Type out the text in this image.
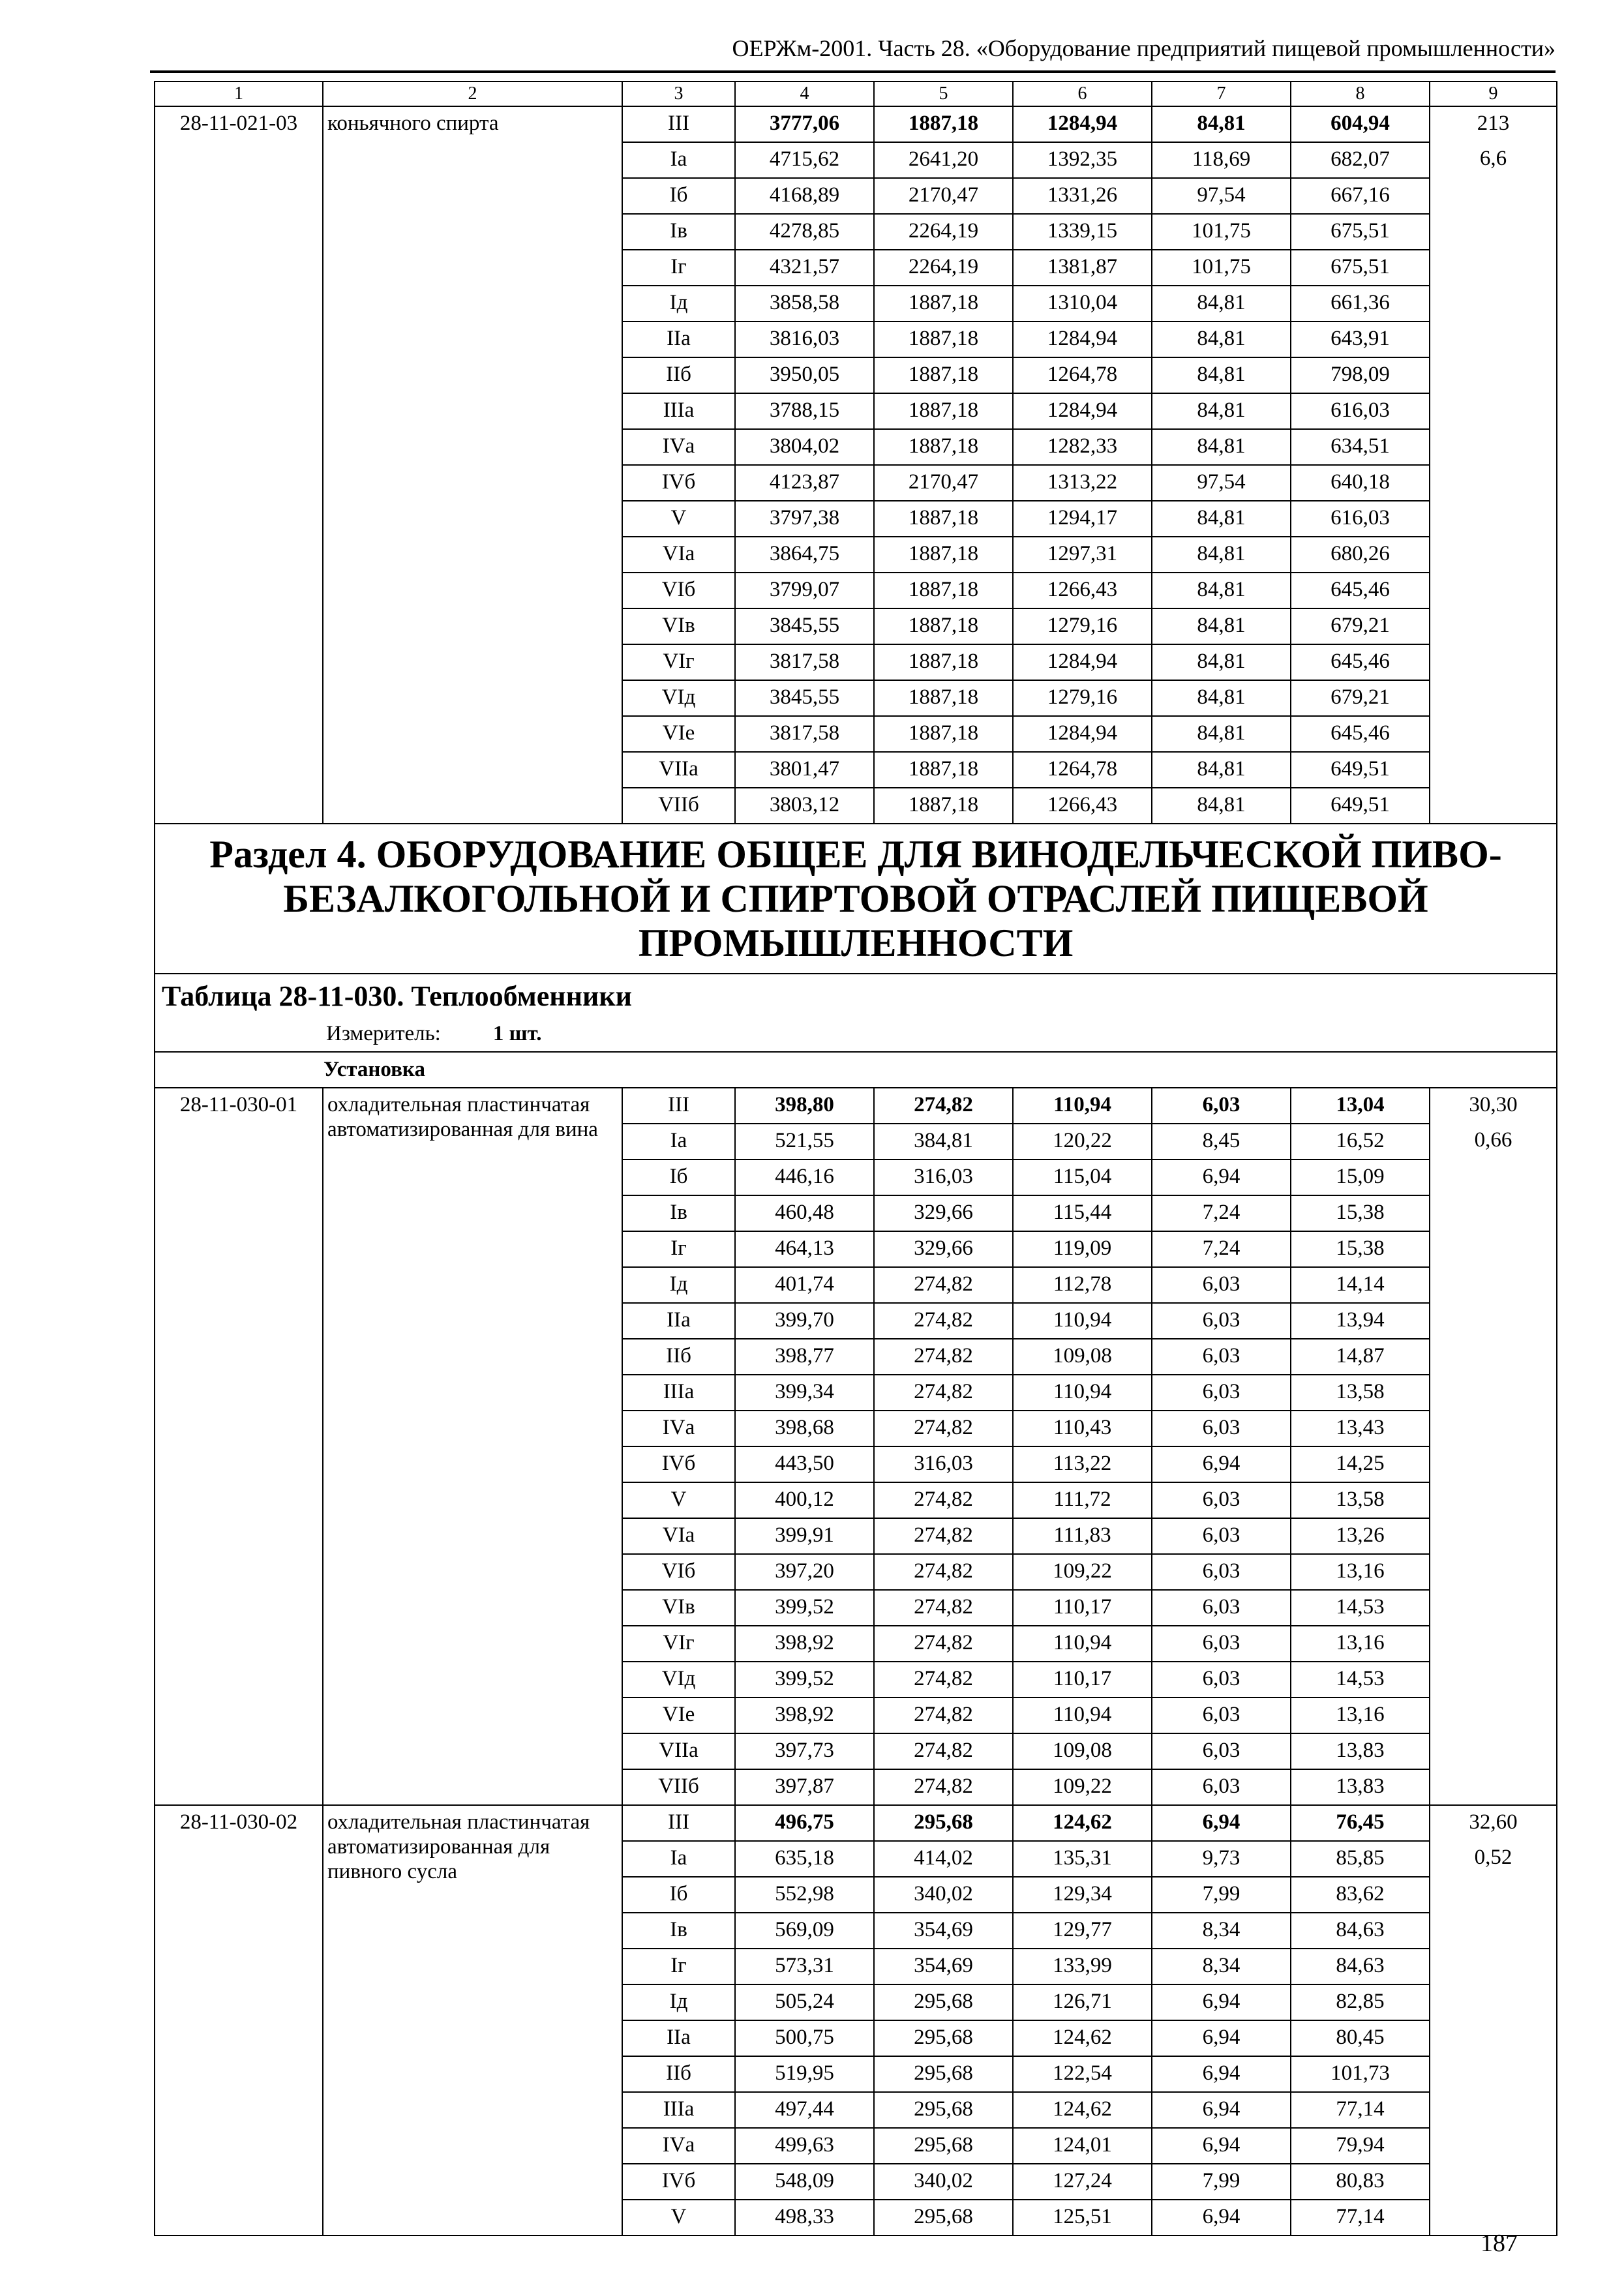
ОЕРЖм-2001. Часть 28. «Оборудование предприятий пищевой промышленности»
1	2	3	4	5	6	7	8	9
28-11-021-03	коньячного спирта	III	3777,06	1887,18	1284,94	84,81	604,94	213
		Iа	4715,62	2641,20	1392,35	118,69	682,07	6,6
		Iб	4168,89	2170,47	1331,26	97,54	667,16	
		Iв	4278,85	2264,19	1339,15	101,75	675,51	
		Iг	4321,57	2264,19	1381,87	101,75	675,51	
		Iд	3858,58	1887,18	1310,04	84,81	661,36	
		IIа	3816,03	1887,18	1284,94	84,81	643,91	
		IIб	3950,05	1887,18	1264,78	84,81	798,09	
		IIIа	3788,15	1887,18	1284,94	84,81	616,03	
		IVа	3804,02	1887,18	1282,33	84,81	634,51	
		IVб	4123,87	2170,47	1313,22	97,54	640,18	
		V	3797,38	1887,18	1294,17	84,81	616,03	
		VIа	3864,75	1887,18	1297,31	84,81	680,26	
		VIб	3799,07	1887,18	1266,43	84,81	645,46	
		VIв	3845,55	1887,18	1279,16	84,81	679,21	
		VIг	3817,58	1887,18	1284,94	84,81	645,46	
		VIд	3845,55	1887,18	1279,16	84,81	679,21	
		VIе	3817,58	1887,18	1284,94	84,81	645,46	
		VIIа	3801,47	1887,18	1264,78	84,81	649,51	
		VIIб	3803,12	1887,18	1266,43	84,81	649,51	
Раздел 4. ОБОРУДОВАНИЕ ОБЩЕЕ ДЛЯ ВИНОДЕЛЬЧЕСКОЙ ПИВО-БЕЗАЛКОГОЛЬНОЙ И СПИРТОВОЙ ОТРАСЛЕЙ ПИЩЕВОЙ ПРОМЫШЛЕННОСТИ								
Таблица 28-11-030. Теплообменники								
Измеритель: 1 шт.								
Установка								
28-11-030-01	охладительная пластинчатая автоматизированная для вина	III	398,80	274,82	110,94	6,03	13,04	30,30
		Iа	521,55	384,81	120,22	8,45	16,52	0,66
		Iб	446,16	316,03	115,04	6,94	15,09	
		Iв	460,48	329,66	115,44	7,24	15,38	
		Iг	464,13	329,66	119,09	7,24	15,38	
		Iд	401,74	274,82	112,78	6,03	14,14	
		IIа	399,70	274,82	110,94	6,03	13,94	
		IIб	398,77	274,82	109,08	6,03	14,87	
		IIIа	399,34	274,82	110,94	6,03	13,58	
		IVа	398,68	274,82	110,43	6,03	13,43	
		IVб	443,50	316,03	113,22	6,94	14,25	
		V	400,12	274,82	111,72	6,03	13,58	
		VIа	399,91	274,82	111,83	6,03	13,26	
		VIб	397,20	274,82	109,22	6,03	13,16	
		VIв	399,52	274,82	110,17	6,03	14,53	
		VIг	398,92	274,82	110,94	6,03	13,16	
		VIд	399,52	274,82	110,17	6,03	14,53	
		VIе	398,92	274,82	110,94	6,03	13,16	
		VIIа	397,73	274,82	109,08	6,03	13,83	
		VIIб	397,87	274,82	109,22	6,03	13,83	
28-11-030-02	охладительная пластинчатая автоматизированная для пивного сусла	III	496,75	295,68	124,62	6,94	76,45	32,60
		Iа	635,18	414,02	135,31	9,73	85,85	0,52
		Iб	552,98	340,02	129,34	7,99	83,62	
		Iв	569,09	354,69	129,77	8,34	84,63	
		Iг	573,31	354,69	133,99	8,34	84,63	
		Iд	505,24	295,68	126,71	6,94	82,85	
		IIа	500,75	295,68	124,62	6,94	80,45	
		IIб	519,95	295,68	122,54	6,94	101,73	
		IIIа	497,44	295,68	124,62	6,94	77,14	
		IVа	499,63	295,68	124,01	6,94	79,94	
		IVб	548,09	340,02	127,24	7,99	80,83	
		V	498,33	295,68	125,51	6,94	77,14	
187
